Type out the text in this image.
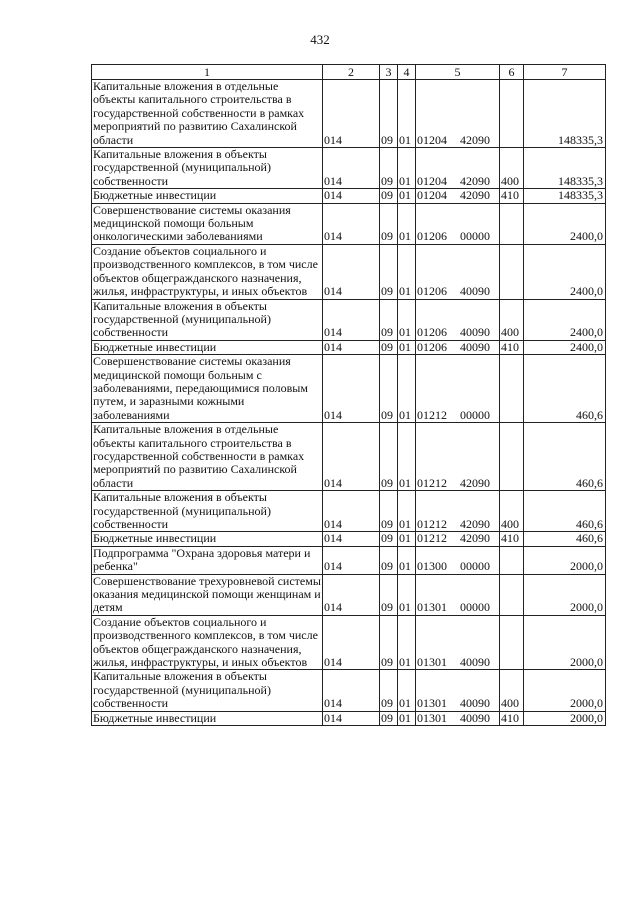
432
1	2	3	4	5	6	7
Капитальные вложения в отдельные объекты капитального строительства в государственной собственности в рамках мероприятий по развитию Сахалинской области	014	09	01	01204 42090		148335,3
Капитальные вложения в объекты государственной (муниципальной) собственности	014	09	01	01204 42090	400	148335,3
Бюджетные инвестиции	014	09	01	01204 42090	410	148335,3
Совершенствование системы оказания медицинской помощи больным онкологическими заболеваниями	014	09	01	01206 00000		2400,0
Создание объектов социального и производственного комплексов, в том числе объектов общегражданского назначения, жилья, инфраструктуры, и иных объектов	014	09	01	01206 40090		2400,0
Капитальные вложения в объекты государственной (муниципальной) собственности	014	09	01	01206 40090	400	2400,0
Бюджетные инвестиции	014	09	01	01206 40090	410	2400,0
Совершенствование системы оказания медицинской помощи больным с заболеваниями, передающимися половым путем, и заразными кожными заболеваниями	014	09	01	01212 00000		460,6
Капитальные вложения в отдельные объекты капитального строительства в государственной собственности в рамках мероприятий по развитию Сахалинской области	014	09	01	01212 42090		460,6
Капитальные вложения в объекты государственной (муниципальной) собственности	014	09	01	01212 42090	400	460,6
Бюджетные инвестиции	014	09	01	01212 42090	410	460,6
Подпрограмма "Охрана здоровья матери и ребенка"	014	09	01	01300 00000		2000,0
Совершенствование трехуровневой системы оказания медицинской помощи женщинам и детям	014	09	01	01301 00000		2000,0
Создание объектов социального и производственного комплексов, в том числе объектов общегражданского назначения, жилья, инфраструктуры, и иных объектов	014	09	01	01301 40090		2000,0
Капитальные вложения в объекты государственной (муниципальной) собственности	014	09	01	01301 40090	400	2000,0
Бюджетные инвестиции	014	09	01	01301 40090	410	2000,0
